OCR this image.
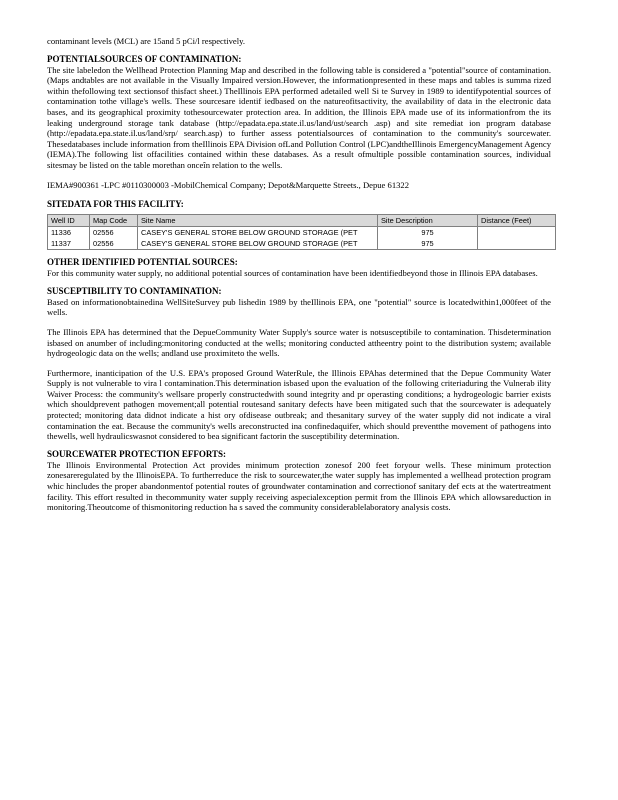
contaminant levels (MCL) are 15and 5 pCi/l respectively.

POTENTIALSOURCES OF CONTAMINATION:

The site labeledon the Wellhead Protection Planning Map and described in the following table is considered a "potential"source of contamination. (Maps andtables are not available in the Visually Impaired version.However, the informationpresented in these maps and tables is summa rized within thefollowing text sectionsof thisfact sheet.) TheIllinois EPA performed adetailed well Si te Survey in 1989 to identifypotential sources of contamination tothe village's wells. These sourcesare identif iedbased on the natureofitsactivity, the availability of data in the electronic data bases, and its geographical proximity tothesourcewater protection area. In addition, the Illinois EPA made use of its informationfrom the its leaking underground storage tank database (http://epadata.epa.state.il.us/land/ust/search .asp) and site remediat ion program database (http://epadata.epa.state.il.us/land/srp/ search.asp) to further assess potentialsources of contamination to the community's sourcewater. Thesedatabases include information from theIllinois EPA Division ofLand Pollution Control (LPC)andtheIllinois EmergencyManagement Agency (IEMA).The following list offacilities contained within these databases. As a result ofmultiple possible contamination sources, individual sitesmay be listed on the table morethan onceîn relation to the wells.

IEMA#900361 -LPC #0110300003 -MobilChemical Company; Depot&Marquette Streets., Depue 61322

SITEDATA FOR THIS FACILITY:
Well ID	Map Code	Site Name	Site Description	Distance (Feet)
11336	02556	CASEY'S GENERAL STORE BELOW GROUND STORAGE (PET	975	
11337	02556	CASEY'S GENERAL STORE BELOW GROUND STORAGE (PET	975	
OTHER IDENTIFIED POTENTIAL SOURCES:

For this community water supply, no additional potential sources of contamination have been identifiedbeyond those in Illinois EPA databases.

SUSCEPTIBILITY TO CONTAMINATION:

Based on informationobtainedina WellSiteSurvey pub lishedin 1989 by theIllinois EPA, one "potential" source is locatedwithin1,000feet of the wells.

The Illinois EPA has determined that the DepueCommunity Water Supply's source water is notsusceptibile to contamination. Thisdetermination isbased on anumber of including:monitoring conducted at the wells; monitoring conducted attheentry point to the distribution system; available hydrogeologic data on the wells; andland use proximiteto the wells.

Furthermore, inanticipation of the U.S. EPA's proposed Ground WaterRule, the Illinois EPAhas determined that the Depue Community Water Supply is not vulnerable to vira l contamination.This determination isbased upon the evaluation of the following criteriaduring the Vulnerab ility Waiver Process: the community's wellsare properly constructedwith sound integrity and pr operasting conditions; a hydrogeologic barrier exists which shouldprevent pathogen movement;all potential routesand sanitary defects have been mitigated such that the sourcewater is adequately protected; monitoring data didnot indicate a hist ory ofdisease outbreak; and thesanitary survey of the water supply did not indicate a viral contamination the eat. Because the community's wells areconstructed ina confinedaquifer, which should preventthe movement of pathogens into thewells, well hydraulicswasnot considered to bea significant factorin the susceptibility determination.

SOURCEWATER PROTECTION EFFORTS:

The Illinois Environmental Protection Act provides minimum protection zonesof 200 feet foryour wells. These minimum protection zonesareregulated by the IllinoisEPA. To furtherreduce the risk to sourcewater,the water supply has implemented a wellhead protection program whic hincludes the proper abandonmentof potential routes of groundwater contamination and correctionof sanitary def ects at the watertreatment facility. This effort resulted in thecommunity water supply receiving aspecialexception permit from the Illinois EPA which allowsareduction in monitoring.Theoutcome of thismonitoring reduction ha s saved the community considerablelaboratory analysis costs.
